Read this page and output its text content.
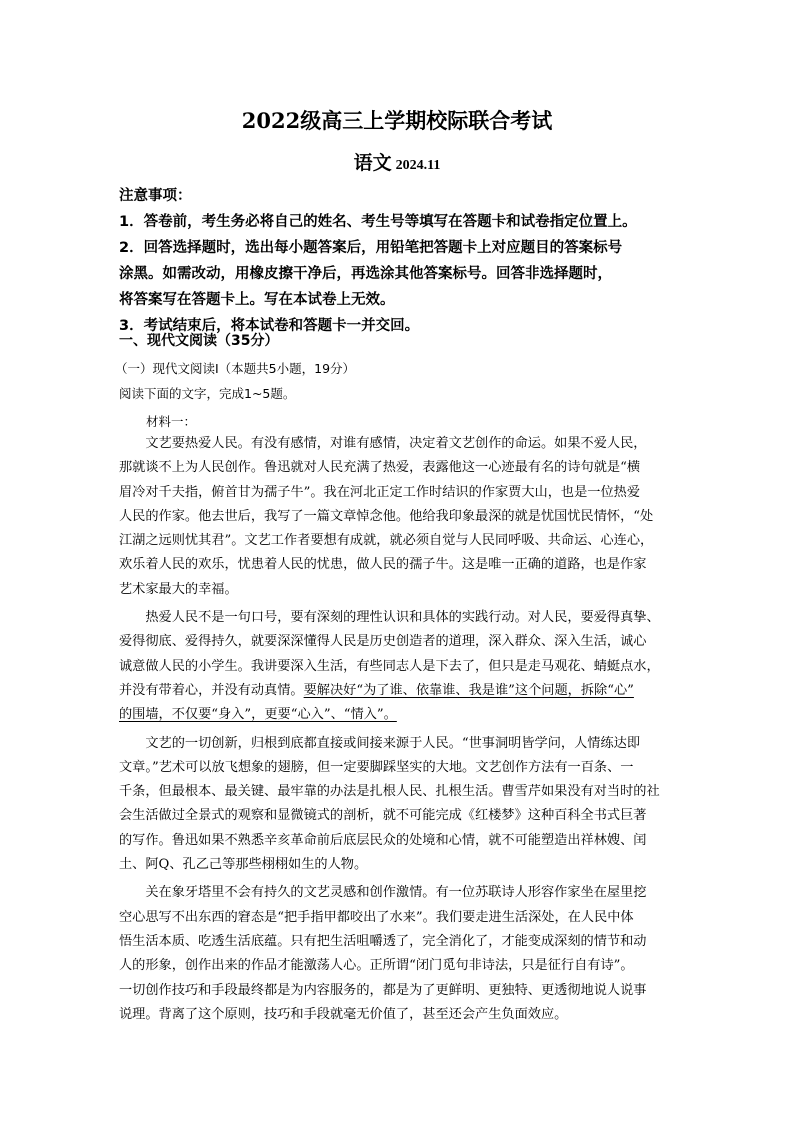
2022级高三上学期校际联合考试
语文 2024.11
注意事项：
1．答卷前，考生务必将自己的姓名、考生号等填写在答题卡和试卷指定位置上。
2．回答选择题时，选出每小题答案后，用铅笔把答题卡上对应题目的答案标号
涂黑。如需改动，用橡皮擦干净后，再选涂其他答案标号。回答非选择题时，
将答案写在答题卡上。写在本试卷上无效。
3．考试结束后，将本试卷和答题卡一并交回。
一、现代文阅读（35分）
（一）现代文阅读Ⅰ（本题共5小题，19分）
阅读下面的文字，完成1~5题。
材料一：
　　文艺要热爱人民。有没有感情，对谁有感情，决定着文艺创作的命运。如果不爱人民，
那就谈不上为人民创作。鲁迅就对人民充满了热爱，表露他这一心迹最有名的诗句就是“横
眉冷对千夫指，俯首甘为孺子牛”。我在河北正定工作时结识的作家贾大山，也是一位热爱
人民的作家。他去世后，我写了一篇文章悼念他。他给我印象最深的就是忧国忧民情怀，“处
江湖之远则忧其君”。文艺工作者要想有成就，就必须自觉与人民同呼吸、共命运、心连心，
欢乐着人民的欢乐，忧患着人民的忧患，做人民的孺子牛。这是唯一正确的道路，也是作家
艺术家最大的幸福。
　　热爱人民不是一句口号，要有深刻的理性认识和具体的实践行动。对人民，要爱得真挚、
爱得彻底、爱得持久，就要深深懂得人民是历史创造者的道理，深入群众、深入生活，诚心
诚意做人民的小学生。我讲要深入生活，有些同志人是下去了，但只是走马观花、蜻蜓点水，
并没有带着心，并没有动真情。要解决好“为了谁、依靠谁、我是谁”这个问题，拆除“心”
的围墙，不仅要“身入”，更要“心入”、“情入”。
　　文艺的一切创新，归根到底都直接或间接来源于人民。“世事洞明皆学问，人情练达即
文章。”艺术可以放飞想象的翅膀，但一定要脚踩坚实的大地。文艺创作方法有一百条、一
千条，但最根本、最关键、最牢靠的办法是扎根人民、扎根生活。曹雪芹如果没有对当时的社
会生活做过全景式的观察和显微镜式的剖析，就不可能完成《红楼梦》这种百科全书式巨著
的写作。鲁迅如果不熟悉辛亥革命前后底层民众的处境和心情，就不可能塑造出祥林嫂、闰
土、阿Q、孔乙己等那些栩栩如生的人物。
　　关在象牙塔里不会有持久的文艺灵感和创作激情。有一位苏联诗人形容作家坐在屋里挖
空心思写不出东西的窘态是“把手指甲都咬出了水来”。我们要走进生活深处，在人民中体
悟生活本质、吃透生活底蕴。只有把生活咀嚼透了，完全消化了，才能变成深刻的情节和动
人的形象，创作出来的作品才能激荡人心。正所谓“闭门觅句非诗法，只是征行自有诗”。
一切创作技巧和手段最终都是为内容服务的，都是为了更鲜明、更独特、更透彻地说人说事
说理。背离了这个原则，技巧和手段就毫无价值了，甚至还会产生负面效应。
